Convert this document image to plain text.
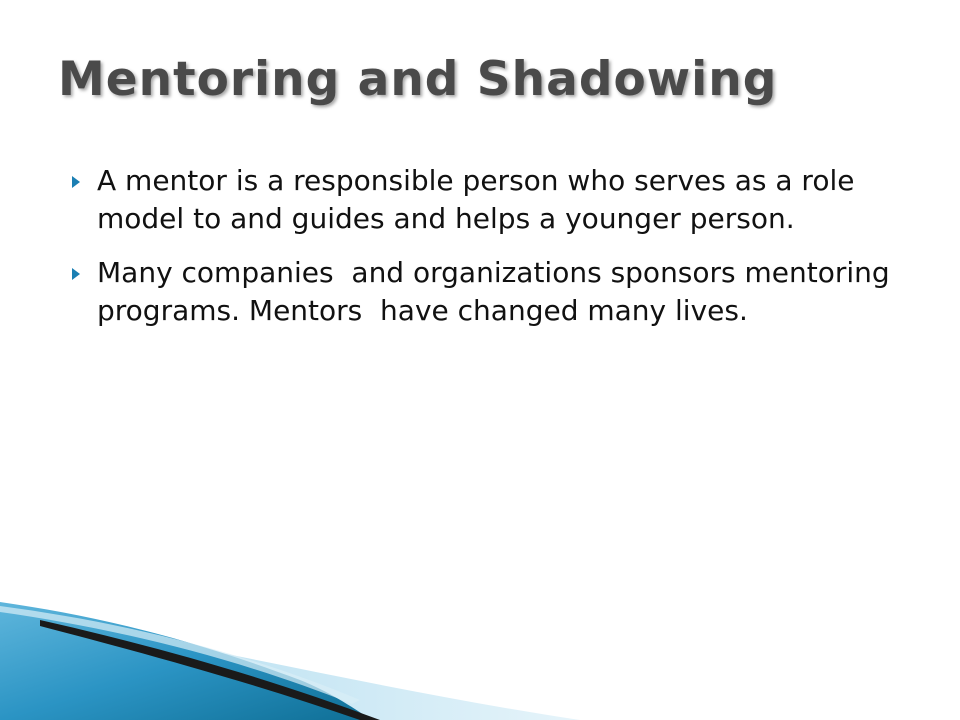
Mentoring and Shadowing
A mentor is a responsible person who serves as a role model to and guides and helps a younger person.
Many companies  and organizations sponsors mentoring programs. Mentors  have changed many lives.
